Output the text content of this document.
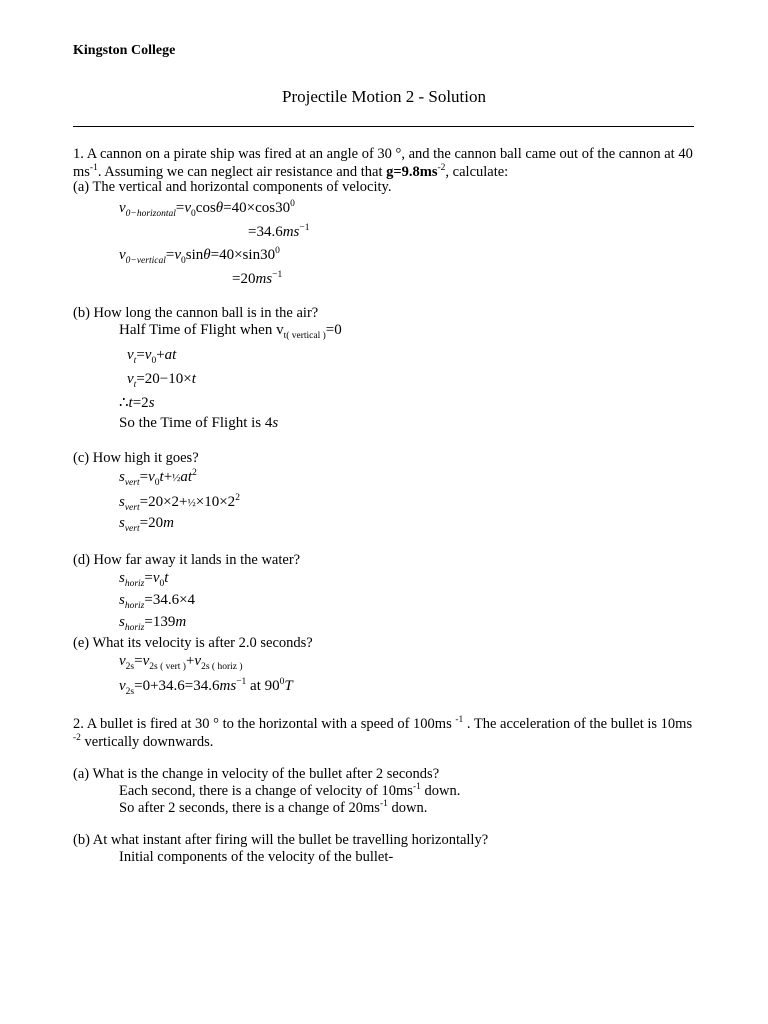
Kingston College
Projectile Motion 2 - Solution
1. A cannon on a pirate ship was fired at an angle of 30 °, and the cannon ball came out of the cannon at 40 $ms^{-1}$. Assuming we can neglect air resistance and that $g=9.8ms^{-2}$, calculate:
(a) The vertical and horizontal components of velocity.
$v_{0-horizontal}=v_0\cos\theta=40\times\cos 30^0$
$=34.6ms^{-1}$
$v_{0-vertical}=v_0\sin\theta=40\times\sin 30^0$
$=20ms^{-1}$
(b) How long the cannon ball is in the air?
Half Time of Flight when $v_{t( vertical )}=0$
$v_t=v_0+at$
$v_t=20-10\times t$
∴t=2s
So the Time of Flight is 4s
(c) How high it goes?
$s_{vert}=v_0t+\frac{1}{2}at^2$
$s_{vert}=20\times 2+\frac{1}{2}\times 10\times 2^2$
$s_{vert}=20m$
(d) How far away it lands in the water?
$s_{horiz}=v_0t$
$s_{horiz}=34.6\times 4$
$s_{horiz}=139m$
(e) What its velocity is after 2.0 seconds?
$v_{2s}=v_{2s ( vert )}+v_{2s ( horiz )}$
$v_{2s}=0+34.6=34.6ms^{-1}$ at $90^0T$
2. A bullet is fired at 30 ° to the horizontal with a speed of 100ms $^{-1}$ . The acceleration of the bullet is 10ms $^{-2}$ vertically downwards.
(a) What is the change in velocity of the bullet after 2 seconds?
Each second, there is a change of velocity of $10ms^{-1}$ down.
So after 2 seconds, there is a change of $20ms^{-1}$ down.
(b) At what instant after firing will the bullet be travelling horizontally?
Initial components of the velocity of the bullet-
